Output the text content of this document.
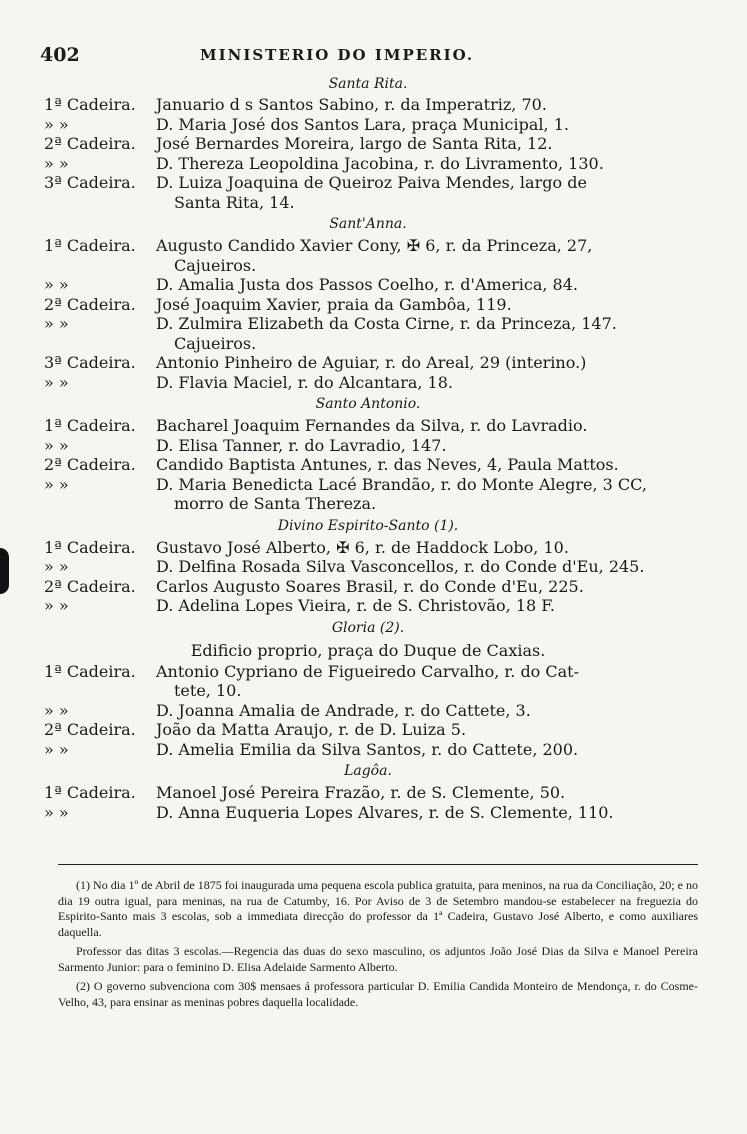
402	MINISTERIO DO IMPERIO.
Santa Rita.
1ª Cadeira.	Januario d s Santos Sabino, r. da Imperatriz, 70.
» »	D. Maria José dos Santos Lara, praça Municipal, 1.
2ª Cadeira.	José Bernardes Moreira, largo de Santa Rita, 12.
» »	D. Thereza Leopoldina Jacobina, r. do Livramento, 130.
3ª Cadeira.	D. Luiza Joaquina de Queiroz Paiva Mendes, largo de
Santa Rita, 14.
Sant'Anna.
1ª Cadeira.	Augusto Candido Xavier Cony, ✠ 6, r. da Princeza, 27,
Cajueiros.
» »	D. Amalia Justa dos Passos Coelho, r. d'America, 84.
2ª Cadeira.	José Joaquim Xavier, praia da Gambôa, 119.
» »	D. Zulmira Elizabeth da Costa Cirne, r. da Princeza, 147.
Cajueiros.
3ª Cadeira.	Antonio Pinheiro de Aguiar, r. do Areal, 29 (interino.)
» »	D. Flavia Maciel, r. do Alcantara, 18.
Santo Antonio.
1ª Cadeira.	Bacharel Joaquim Fernandes da Silva, r. do Lavradio.
» »	D. Elisa Tanner, r. do Lavradio, 147.
2ª Cadeira.	Candido Baptista Antunes, r. das Neves, 4, Paula Mattos.
» »	D. Maria Benedicta Lacé Brandão, r. do Monte Alegre, 3 CC,
morro de Santa Thereza.
Divino Espirito-Santo (1).
1ª Cadeira.	Gustavo José Alberto, ✠ 6, r. de Haddock Lobo, 10.
» »	D. Delfina Rosada Silva Vasconcellos, r. do Conde d'Eu, 245.
2ª Cadeira.	Carlos Augusto Soares Brasil, r. do Conde d'Eu, 225.
» »	D. Adelina Lopes Vieira, r. de S. Christovão, 18 F.
Gloria (2).
Edificio proprio, praça do Duque de Caxias.
1ª Cadeira.	Antonio Cypriano de Figueiredo Carvalho, r. do Cat-
tete, 10.
» »	D. Joanna Amalia de Andrade, r. do Cattete, 3.
2ª Cadeira.	João da Matta Araujo, r. de D. Luiza 5.
» »	D. Amelia Emilia da Silva Santos, r. do Cattete, 200.
Lagôa.
1ª Cadeira.	Manoel José Pereira Frazão, r. de S. Clemente, 50.
» »	D. Anna Euqueria Lopes Alvares, r. de S. Clemente, 110.

(1) No dia 1º de Abril de 1875 foi inaugurada uma pequena escola publica gratuita, para meninos, na rua da Conciliação, 20; e no dia 19 outra igual, para meninas, na rua de Catumby, 16. Por Aviso de 3 de Setembro mandou-se estabelecer na freguezia do Espirito-Santo mais 3 escolas, sob a immediata direcção do professor da 1ª Cadeira, Gustavo José Alberto, e como auxiliares daquella.

Professor das ditas 3 escolas.—Regencia das duas do sexo masculino, os adjuntos João José Dias da Silva e Manoel Pereira Sarmento Junior: para o feminino D. Elisa Adelaide Sarmento Alberto.

(2) O governo subvenciona com 30$ mensaes á professora particular D. Emilia Candida Monteiro de Mendonça, r. do Cosme-Velho, 43, para ensinar as meninas pobres daquella localidade.
